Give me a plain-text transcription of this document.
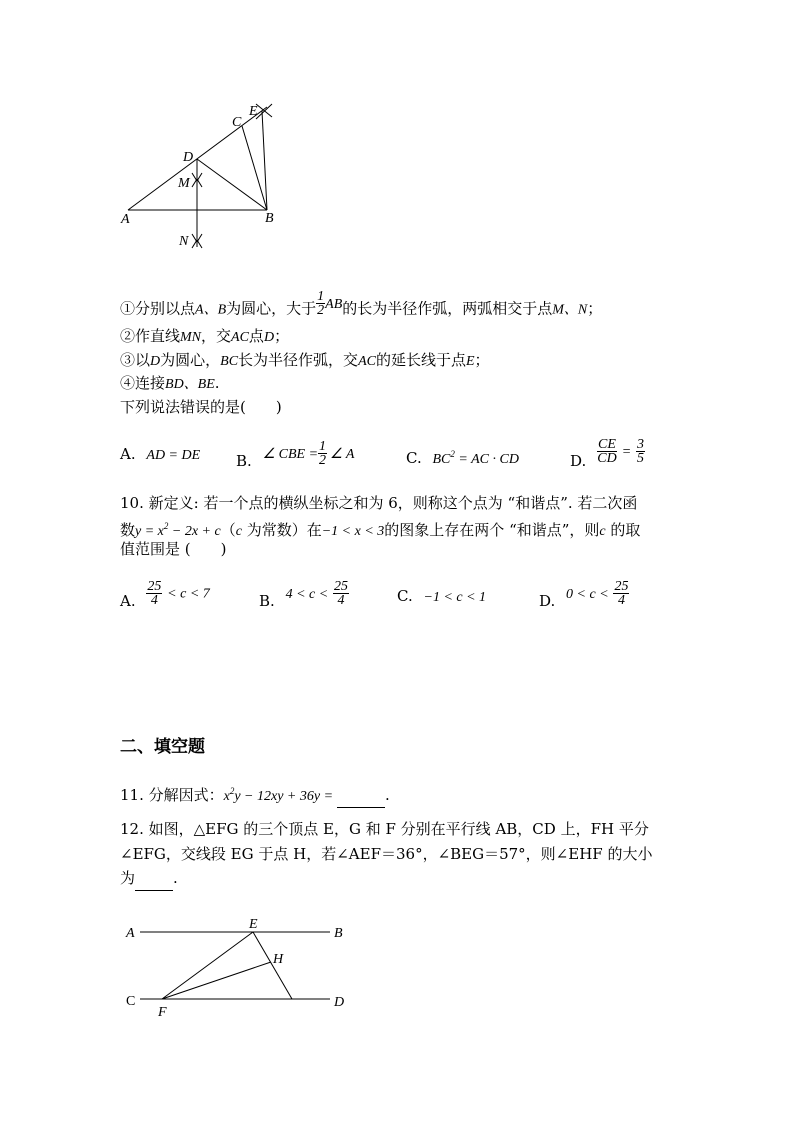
A	B
C
D
E
M
N
①分别以点A、B为圆心，大于 $\frac{1}{2}$ AB的长为半径作弧，两弧相交于点M、N；
②作直线MN，交AC点D；
③以D为圆心，BC长为半径作弧，交AC的延长线于点E；
④连接BD、BE.
下列说法错误的是(　　)
A. AD = DE B. ∠ CBE = $\frac{1}{2}$ ∠ A	C. $BC^2$ = AC · CD	D. $\frac{CE}{CD} = \frac{3}{5}$
10. 新定义: 若一个点的横纵坐标之和为 6，则称这个点为 “和谐点”. 若二次函
数$y = x^2 - 2x + c(c$ 为常数）在−1 < x < 3的图象上存在两个 “和谐点”，则c 的取
值范围是 (　　)
A. $\frac{25}{4} < c < 7$	B. $4 < c < \frac{25}{4}$	C. −1 < c < 1	D. $0 < c < \frac{25}{4}$
二、填空题
11. 分解因式：$x^2y - 12xy + 36y$ =	.
12. 如图，△EFG 的三个顶点 E，G 和 F 分别在平行线 AB，CD 上，FH 平分
∠EFG，交线段 EG 于点 H，若∠AEF＝36°，∠BEG＝57°，则∠EHF 的大小
为	.
A	B
C	D
E
F
H
